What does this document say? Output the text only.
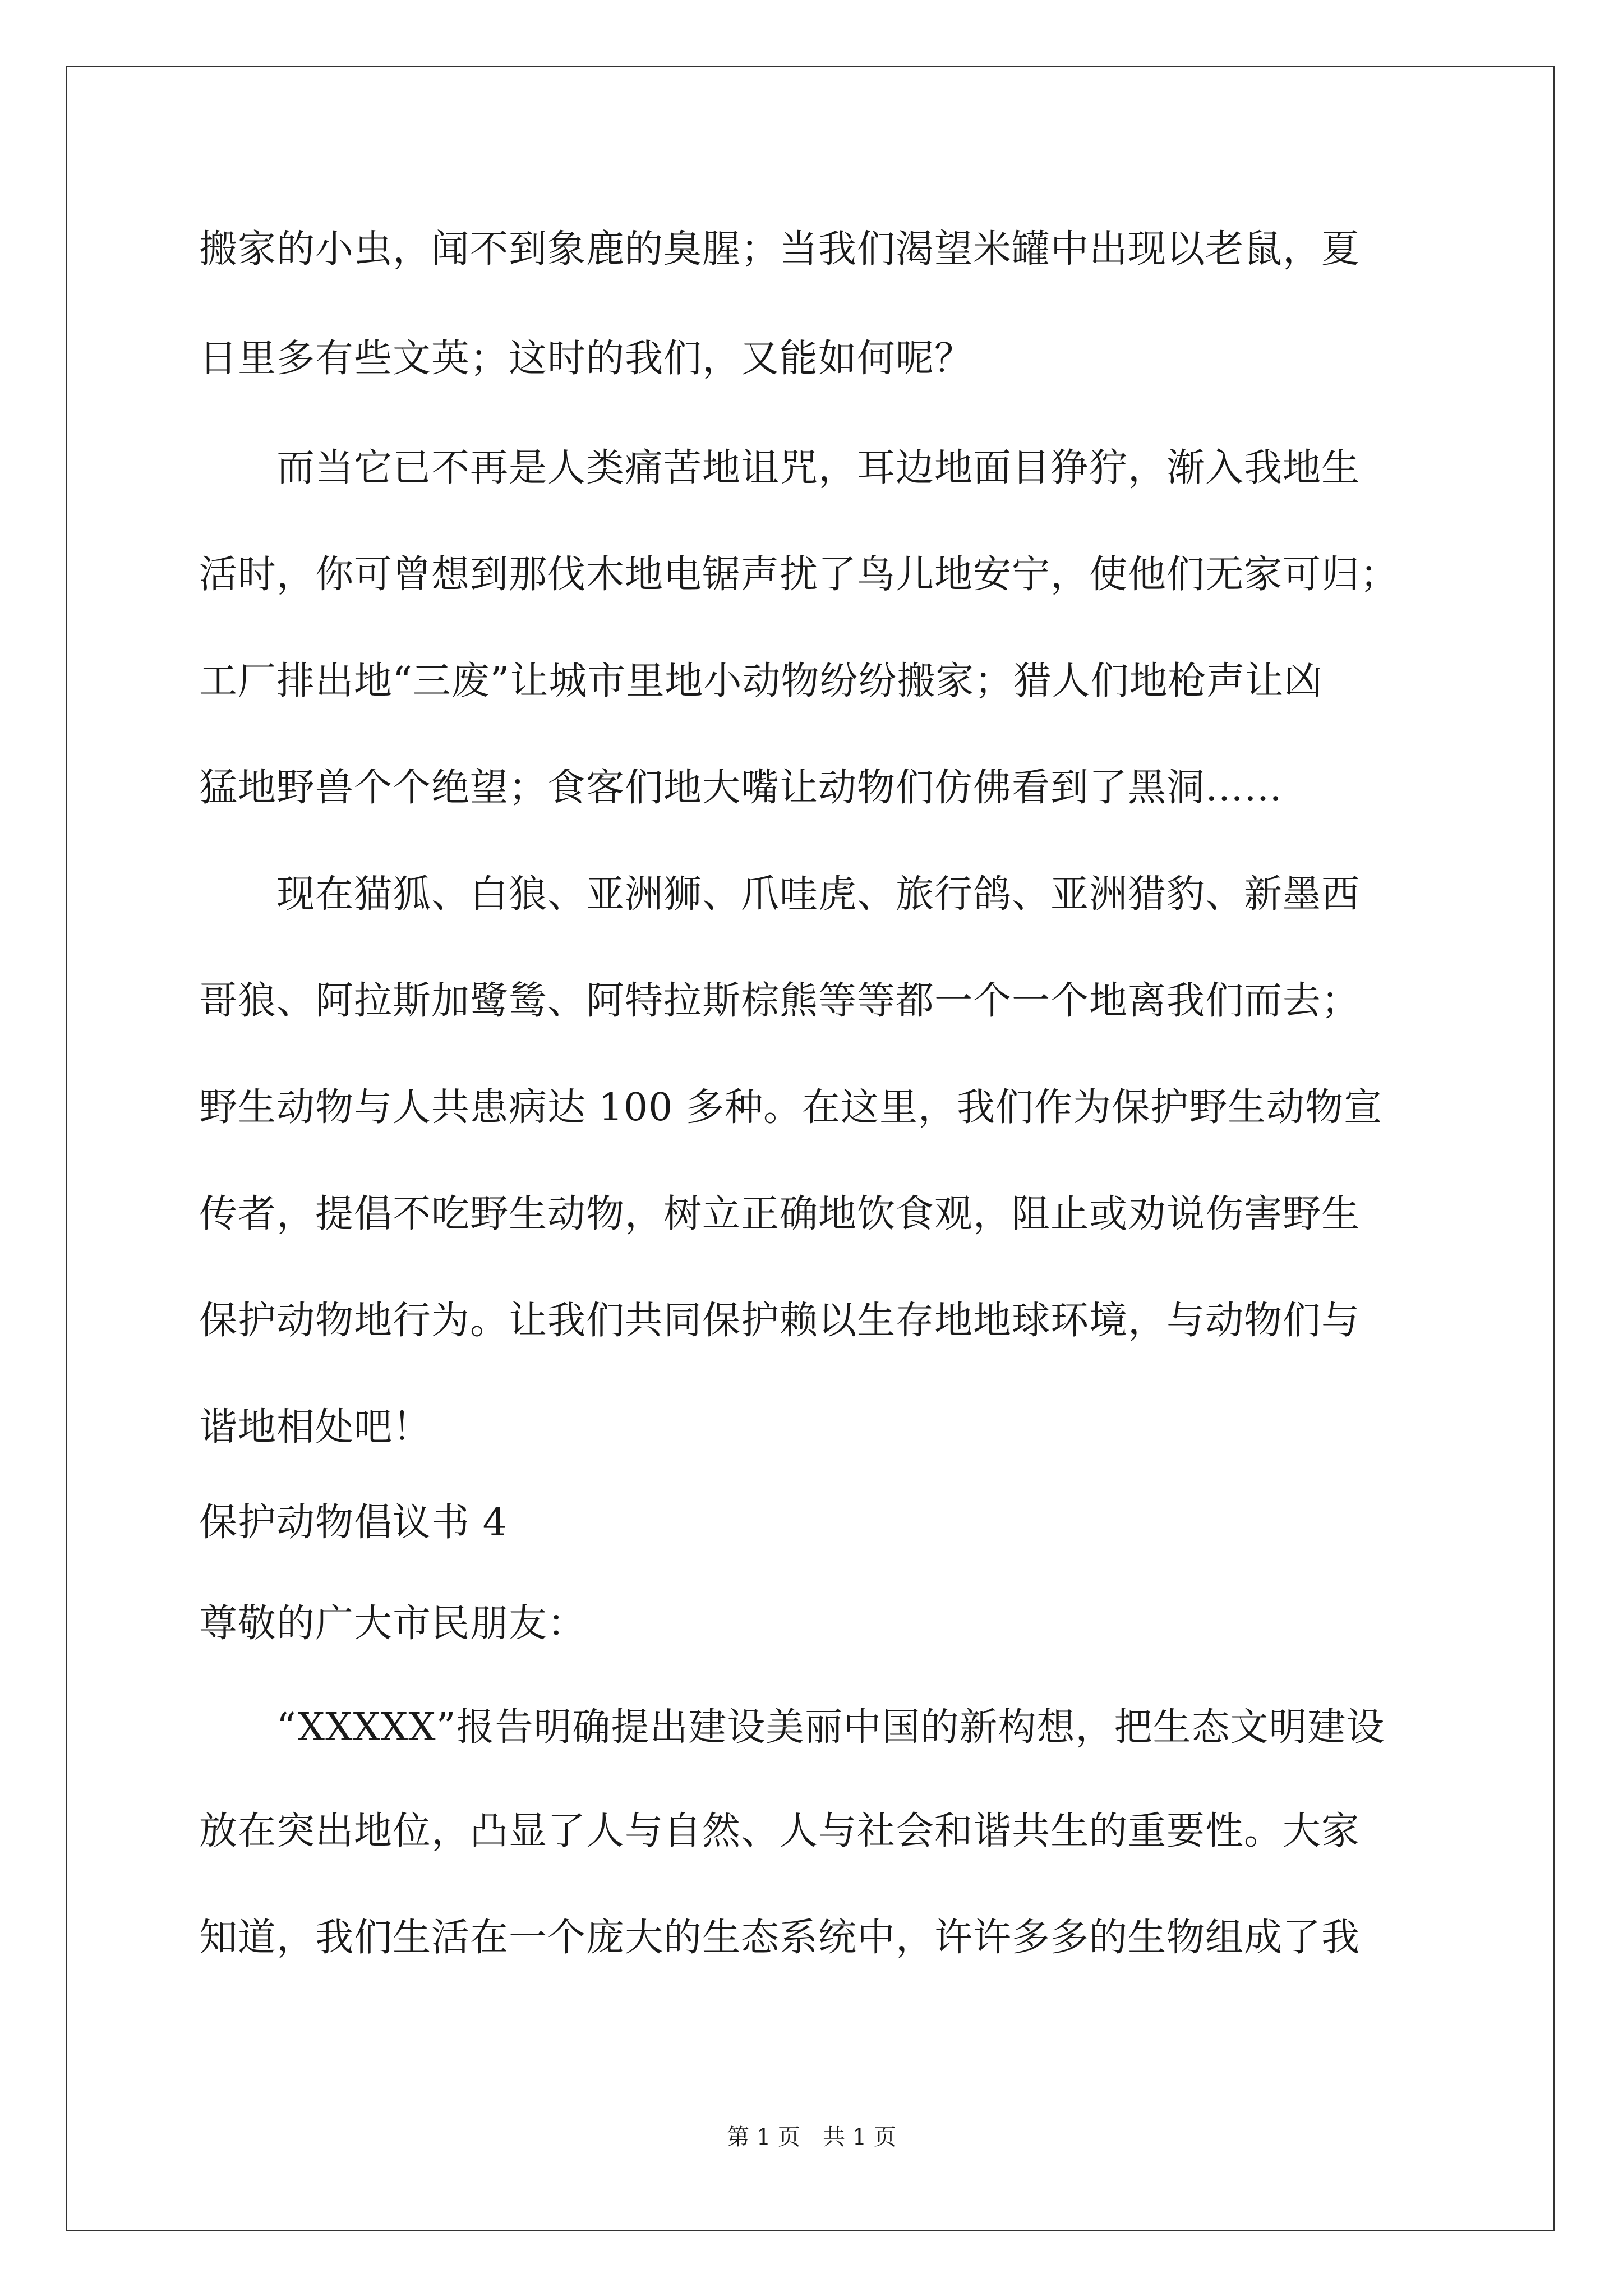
搬家的小虫，闻不到象鹿的臭腥；当我们渴望米罐中出现以老鼠，夏
日里多有些文英；这时的我们，又能如何呢？
　　而当它已不再是人类痛苦地诅咒，耳边地面目狰狞，渐入我地生
活时，你可曾想到那伐木地电锯声扰了鸟儿地安宁，使他们无家可归；
工厂排出地“三废”让城市里地小动物纷纷搬家；猎人们地枪声让凶
猛地野兽个个绝望；食客们地大嘴让动物们仿佛看到了黑洞……
　　现在猫狐、白狼、亚洲狮、爪哇虎、旅行鸽、亚洲猎豹、新墨西
哥狼、阿拉斯加鹭鸶、阿特拉斯棕熊等等都一个一个地离我们而去；
野生动物与人共患病达 100 多种。在这里，我们作为保护野生动物宣
传者，提倡不吃野生动物，树立正确地饮食观，阻止或劝说伤害野生
保护动物地行为。让我们共同保护赖以生存地地球环境，与动物们与
谐地相处吧！
保护动物倡议书 4
尊敬的广大市民朋友：
　　“XXXXX”报告明确提出建设美丽中国的新构想，把生态文明建设
放在突出地位，凸显了人与自然、人与社会和谐共生的重要性。大家
知道，我们生活在一个庞大的生态系统中，许许多多的生物组成了我
第 1 页　共 1 页
